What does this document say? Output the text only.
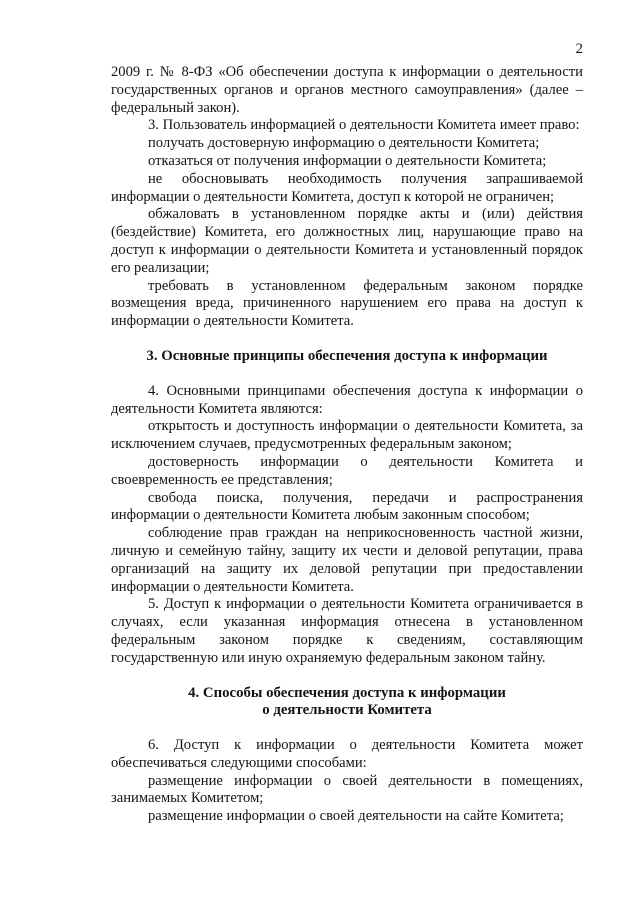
2

2009 г. № 8-ФЗ «Об обеспечении доступа к информации о деятельности государственных органов и органов местного самоуправления» (далее – федеральный закон).

3. Пользователь информацией о деятельности Комитета имеет право:

получать достоверную информацию о деятельности Комитета;

отказаться от получения информации о деятельности Комитета;

не обосновывать необходимость получения запрашиваемой информации о деятельности Комитета, доступ к которой не ограничен;

обжаловать в установленном порядке акты и (или) действия (бездействие) Комитета, его должностных лиц, нарушающие право на доступ к информации о деятельности Комитета и установленный порядок его реализации;

требовать в установленном федеральным законом порядке возмещения вреда, причиненного нарушением его права на доступ к информации о деятельности Комитета.

3. Основные принципы обеспечения доступа к информации

4. Основными принципами обеспечения доступа к информации о деятельности Комитета являются:

открытость и доступность информации о деятельности Комитета, за исключением случаев, предусмотренных федеральным законом;

достоверность информации о деятельности Комитета и своевременность ее представления;

свобода поиска, получения, передачи и распространения информации о деятельности Комитета любым законным способом;

соблюдение прав граждан на неприкосновенность частной жизни, личную и семейную тайну, защиту их чести и деловой репутации, права организаций на защиту их деловой репутации при предоставлении информации о деятельности Комитета.

5. Доступ к информации о деятельности Комитета ограничивается в случаях, если указанная информация отнесена в установленном федеральным законом порядке к сведениям, составляющим государственную или иную охраняемую федеральным законом тайну.

4. Способы обеспечения доступа к информации

о деятельности Комитета

6. Доступ к информации о деятельности Комитета может обеспечиваться следующими способами:

размещение информации о своей деятельности в помещениях, занимаемых Комитетом;

размещение информации о своей деятельности на сайте Комитета;
